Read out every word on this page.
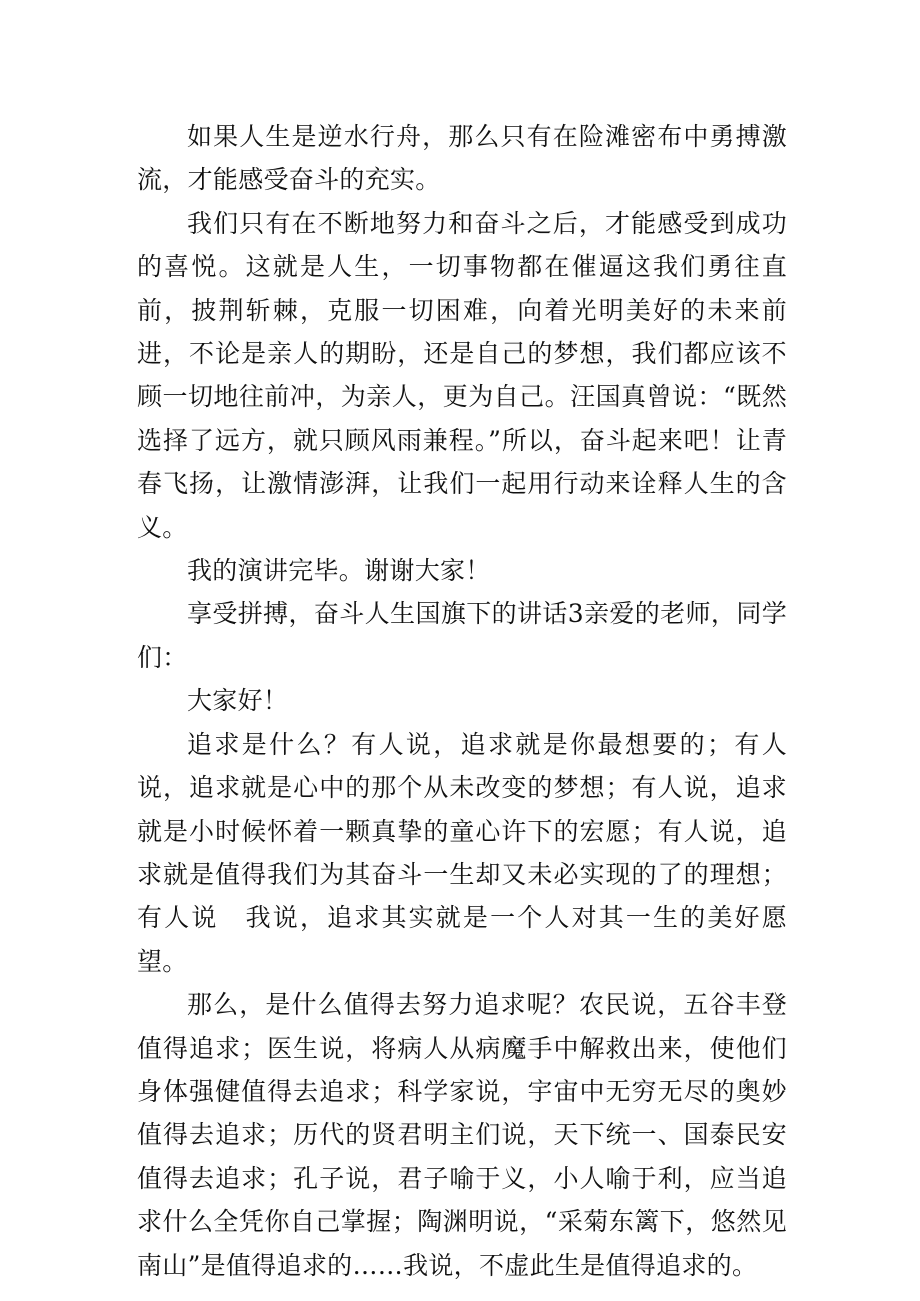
如果人生是逆水行舟，那么只有在险滩密布中勇搏激流，才能感受奋斗的充实。

我们只有在不断地努力和奋斗之后，才能感受到成功的喜悦。这就是人生，一切事物都在催逼这我们勇往直前，披荆斩棘，克服一切困难，向着光明美好的未来前进，不论是亲人的期盼，还是自己的梦想，我们都应该不顾一切地往前冲，为亲人，更为自己。汪国真曾说：“既然选择了远方，就只顾风雨兼程。”所以，奋斗起来吧！让青春飞扬，让激情澎湃，让我们一起用行动来诠释人生的含义。

我的演讲完毕。谢谢大家！

享受拼搏，奋斗人生国旗下的讲话3亲爱的老师，同学们：

大家好！

追求是什么？有人说，追求就是你最想要的；有人说，追求就是心中的那个从未改变的梦想；有人说，追求就是小时候怀着一颗真挚的童心许下的宏愿；有人说，追求就是值得我们为其奋斗一生却又未必实现的了的理想；有人说　我说，追求其实就是一个人对其一生的美好愿望。

那么，是什么值得去努力追求呢？农民说，五谷丰登值得追求；医生说，将病人从病魔手中解救出来，使他们身体强健值得去追求；科学家说，宇宙中无穷无尽的奥妙值得去追求；历代的贤君明主们说，天下统一、国泰民安值得去追求；孔子说，君子喻于义，小人喻于利，应当追求什么全凭你自己掌握；陶渊明说，“采菊东篱下，悠然见南山”是值得追求的……我说，不虚此生是值得追求的。
